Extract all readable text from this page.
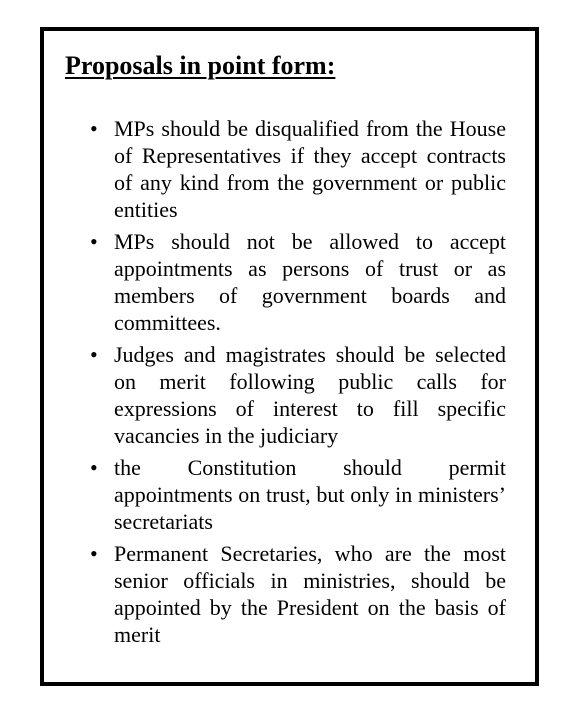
Proposals in point form:
• MPs should be disqualified from the House of Representatives if they accept contracts of any kind from the government or public entities
• MPs should not be allowed to accept appointments as persons of trust or as members of government boards and committees.
• Judges and magistrates should be selected on merit following public calls for expressions of interest to fill specific vacancies in the judiciary
• the Constitution should permit appointments on trust, but only in ministers’ secretariats
• Permanent Secretaries, who are the most senior officials in ministries, should be appointed by the President on the basis of merit
